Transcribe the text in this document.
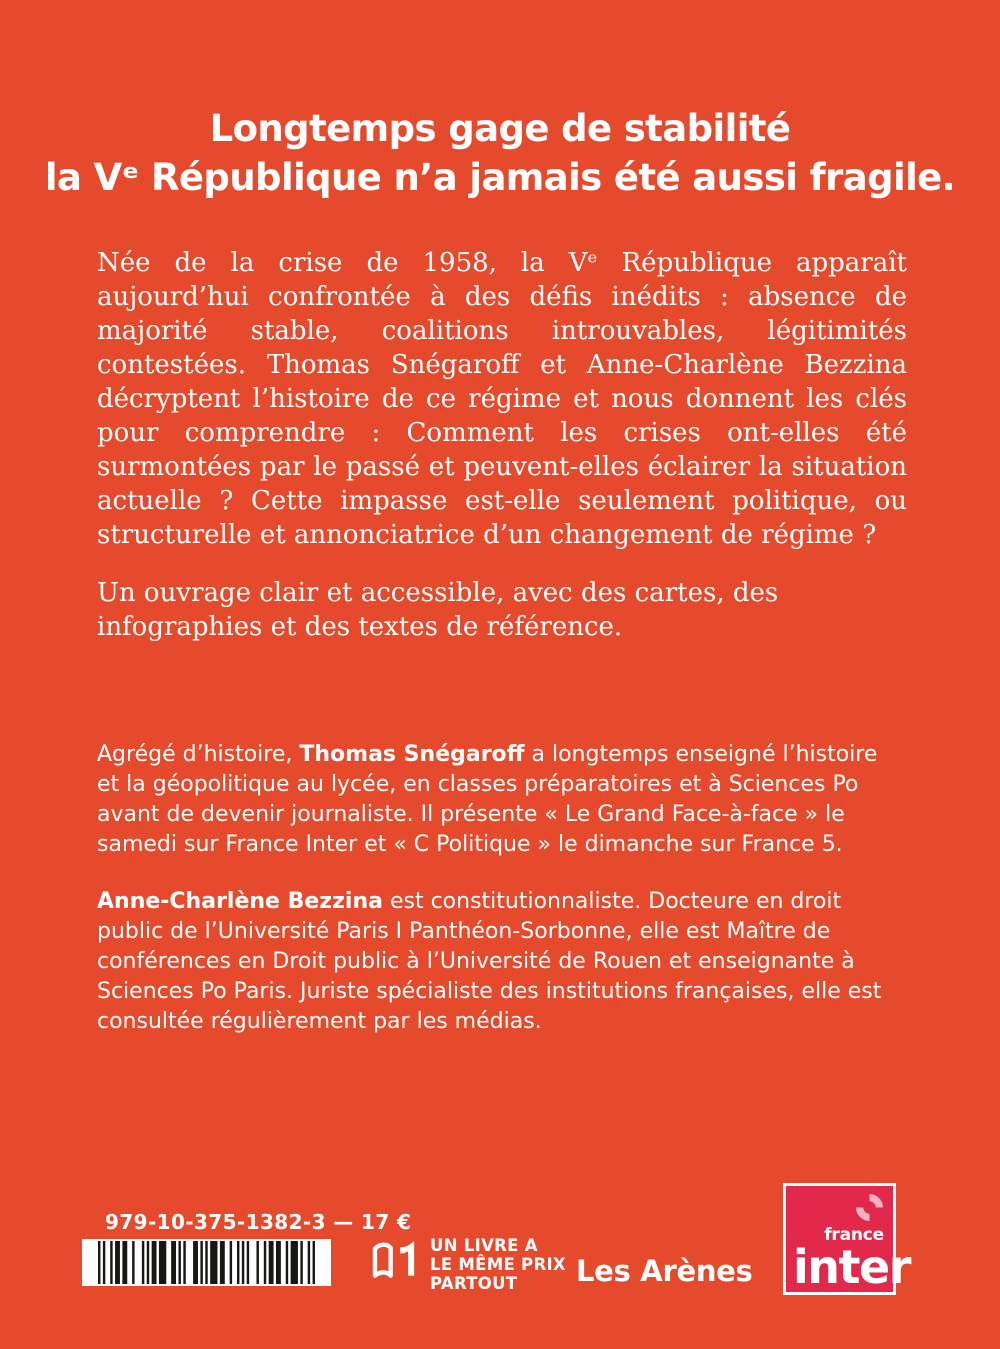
Longtemps gage de stabilité
la Vᵉ République n’a jamais été aussi fragile.
Née de la crise de 1958, la Vᵉ République apparaît aujourd’hui confrontée à des défis inédits : absence de majorité stable, coalitions introuvables, légitimités contestées. Thomas Snégaroff et Anne-Charlène Bezzina décryptent l’histoire de ce régime et nous donnent les clés pour comprendre : Comment les crises ont-elles été surmontées par le passé et peuvent-elles éclairer la situation actuelle ? Cette impasse est-elle seulement politique, ou structurelle et annonciatrice d’un changement de régime ?
Un ouvrage clair et accessible, avec des cartes, des infographies et des textes de référence.
Agrégé d’histoire, Thomas Snégaroff a longtemps enseigné l’histoire et la géopolitique au lycée, en classes préparatoires et à Sciences Po avant de devenir journaliste. Il présente « Le Grand Face-à-face » le samedi sur France Inter et « C Politique » le dimanche sur France 5.
Anne-Charlène Bezzina est constitutionnaliste. Docteure en droit public de l’Université Paris I Panthéon-Sorbonne, elle est Maître de conférences en Droit public à l’Université de Rouen et enseignante à Sciences Po Paris. Juriste spécialiste des institutions françaises, elle est consultée régulièrement par les médias.
979-10-375-1382-3 — 17 €
UN LIVRE A
LE MÊME PRIX
PARTOUT	Les Arènes
france
inter
